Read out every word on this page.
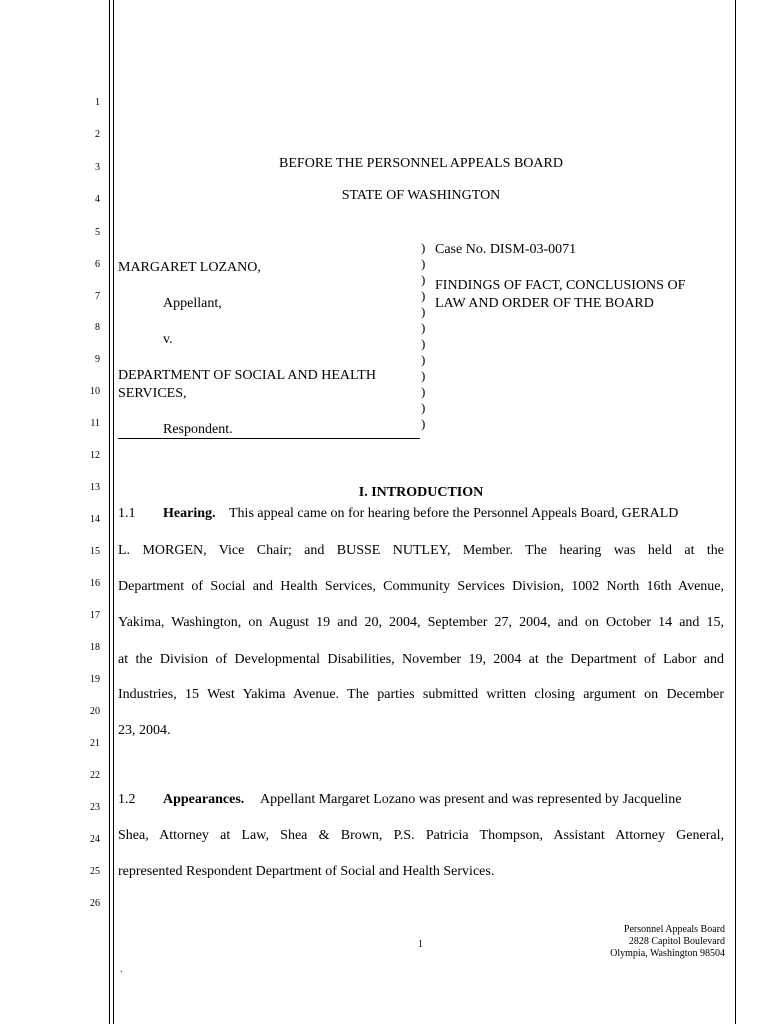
1
2
3
4
5
6
7
8
9
10
11
12
13
14
15
16
17
18
19
20
21
22
23
24
25
26
BEFORE THE PERSONNEL APPEALS BOARD
STATE OF WASHINGTON
MARGARET LOZANO,
Appellant,
v.
DEPARTMENT OF SOCIAL AND HEALTH
SERVICES,
Respondent.
)
)
)
)
)
)
)
)
)
)
)
)
Case No. DISM-03-0071
FINDINGS OF FACT, CONCLUSIONS OF
LAW AND ORDER OF THE BOARD
I. INTRODUCTION
1.1 Hearing. This appeal came on for hearing before the Personnel Appeals Board, GERALD
L. MORGEN, Vice Chair; and BUSSE NUTLEY, Member. The hearing was held at the
Department of Social and Health Services, Community Services Division, 1002 North 16th Avenue,
Yakima, Washington, on August 19 and 20, 2004, September 27, 2004, and on October 14 and 15,
at the Division of Developmental Disabilities, November 19, 2004 at the Department of Labor and
Industries, 15 West Yakima Avenue. The parties submitted written closing argument on December
23, 2004.
1.2 Appearances. Appellant Margaret Lozano was present and was represented by Jacqueline
Shea, Attorney at Law, Shea & Brown, P.S. Patricia Thompson, Assistant Attorney General,
represented Respondent Department of Social and Health Services.
1
Personnel Appeals Board
2828 Capitol Boulevard
Olympia, Washington 98504
.
